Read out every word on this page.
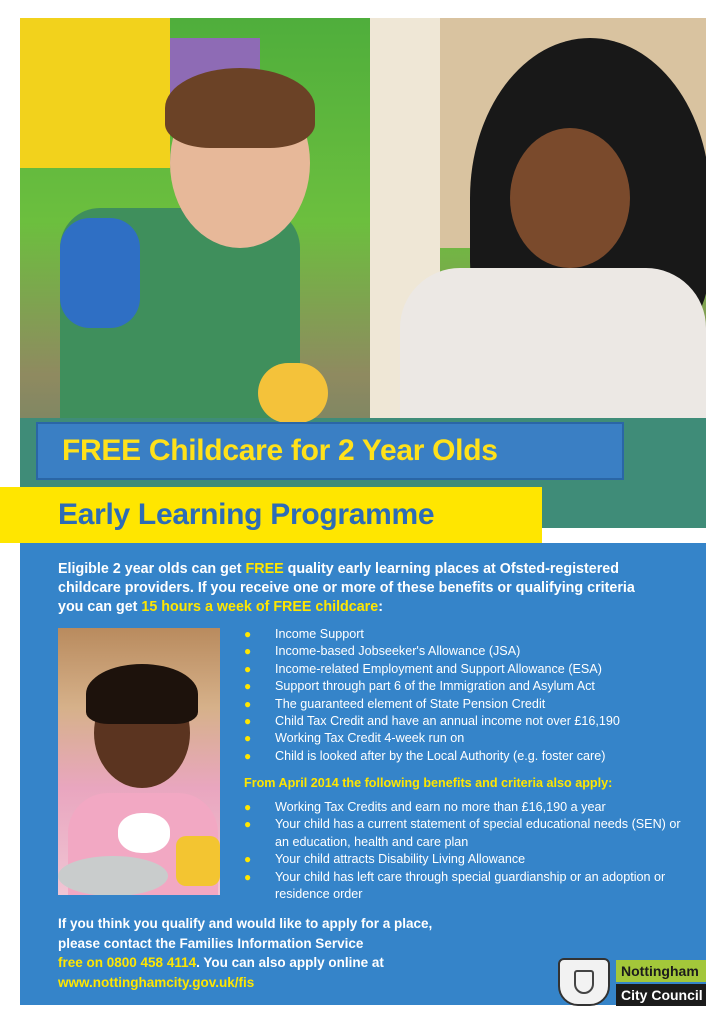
FREE Childcare for 2 Year Olds
Early Learning Programme

Eligible 2 year olds can get FREE quality early learning places at Ofsted-registered childcare providers. If you receive one or more of these benefits or qualifying criteria you can get 15 hours a week of FREE childcare:

● Income Support
● Income-based Jobseeker's Allowance (JSA)
● Income-related Employment and Support Allowance (ESA)
● Support through part 6 of the Immigration and Asylum Act
● The guaranteed element of State Pension Credit
● Child Tax Credit and have an annual income not over £16,190
● Working Tax Credit 4-week run on
● Child is looked after by the Local Authority (e.g. foster care)

From April 2014 the following benefits and criteria also apply:

● Working Tax Credits and earn no more than £16,190 a year
● Your child has a current statement of special educational needs (SEN) or an education, health and care plan
● Your child attracts Disability Living Allowance
● Your child has left care through special guardianship or an adoption or residence order

If you think you qualify and would like to apply for a place,
please contact the Families Information Service
free on 0800 458 4114. You can also apply online at
www.nottinghamcity.gov.uk/fis

Nottingham
City Council
